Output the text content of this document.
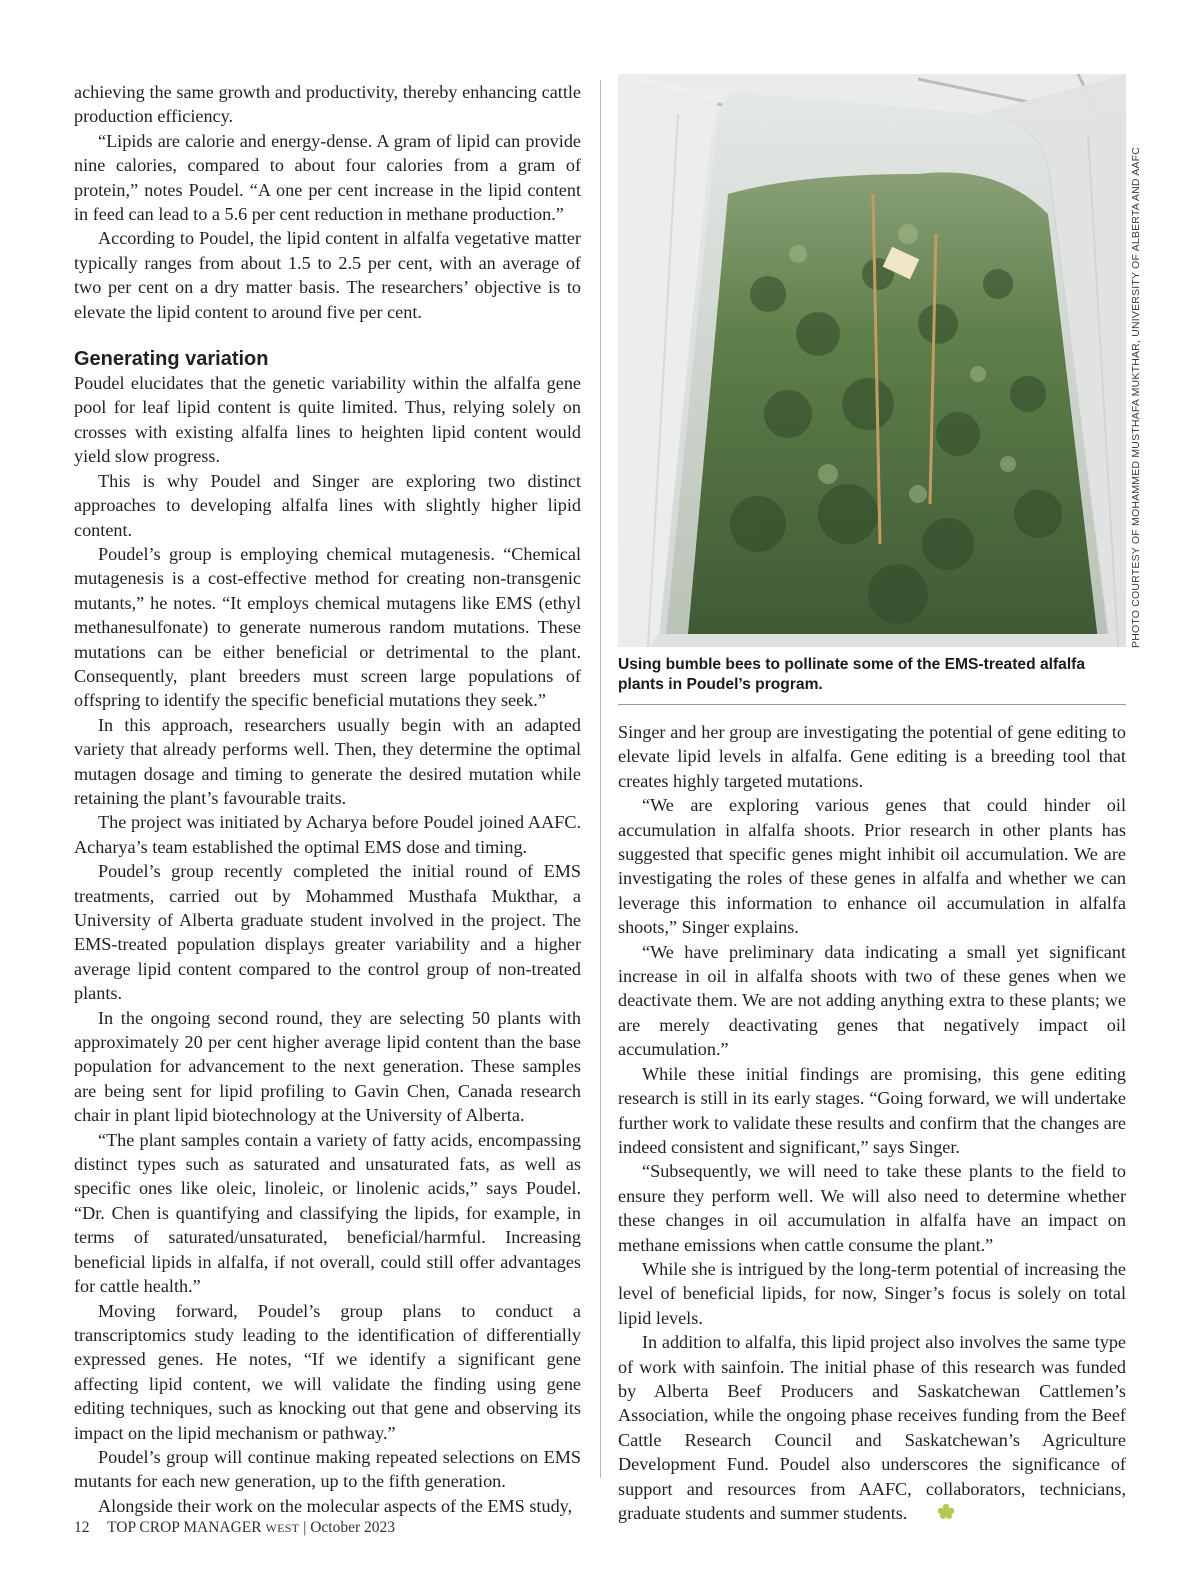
achieving the same growth and productivity, thereby enhancing cattle production efficiency.

“Lipids are calorie and energy-dense. A gram of lipid can provide nine calories, compared to about four calories from a gram of protein,” notes Poudel. “A one per cent increase in the lipid content in feed can lead to a 5.6 per cent reduction in methane production.”

According to Poudel, the lipid content in alfalfa vegetative matter typically ranges from about 1.5 to 2.5 per cent, with an average of two per cent on a dry matter basis. The researchers’ objective is to elevate the lipid content to around five per cent.

Generating variation

Poudel elucidates that the genetic variability within the alfalfa gene pool for leaf lipid content is quite limited. Thus, relying solely on crosses with existing alfalfa lines to heighten lipid content would yield slow progress.

This is why Poudel and Singer are exploring two distinct approaches to developing alfalfa lines with slightly higher lipid content.

Poudel’s group is employing chemical mutagenesis. “Chemical mutagenesis is a cost-effective method for creating non-transgenic mutants,” he notes. “It employs chemical mutagens like EMS (ethyl methanesulfonate) to generate numerous random mutations. These mutations can be either beneficial or detrimental to the plant. Consequently, plant breeders must screen large populations of offspring to identify the specific beneficial mutations they seek.”

In this approach, researchers usually begin with an adapted variety that already performs well. Then, they determine the optimal mutagen dosage and timing to generate the desired mutation while retaining the plant’s favourable traits.

The project was initiated by Acharya before Poudel joined AAFC. Acharya’s team established the optimal EMS dose and timing.

Poudel’s group recently completed the initial round of EMS treatments, carried out by Mohammed Musthafa Mukthar, a University of Alberta graduate student involved in the project. The EMS-treated population displays greater variability and a higher average lipid content compared to the control group of non-treated plants.

In the ongoing second round, they are selecting 50 plants with approximately 20 per cent higher average lipid content than the base population for advancement to the next generation. These samples are being sent for lipid profiling to Gavin Chen, Canada research chair in plant lipid biotechnology at the University of Alberta.

“The plant samples contain a variety of fatty acids, encompassing distinct types such as saturated and unsaturated fats, as well as specific ones like oleic, linoleic, or linolenic acids,” says Poudel. “Dr. Chen is quantifying and classifying the lipids, for example, in terms of saturated/unsaturated, beneficial/harmful. Increasing beneficial lipids in alfalfa, if not overall, could still offer advantages for cattle health.”

Moving forward, Poudel’s group plans to conduct a transcriptomics study leading to the identification of differentially expressed genes. He notes, “If we identify a significant gene affecting lipid content, we will validate the finding using gene editing techniques, such as knocking out that gene and observing its impact on the lipid mechanism or pathway.”

Poudel’s group will continue making repeated selections on EMS mutants for each new generation, up to the fifth generation.

Alongside their work on the molecular aspects of the EMS study,

PHOTO COURTESY OF MOHAMMED MUSTHAFA MUKTHAR, UNIVERSITY OF ALBERTA AND AAFC
Using bumble bees to pollinate some of the EMS-treated alfalfa plants in Poudel’s program.

Singer and her group are investigating the potential of gene editing to elevate lipid levels in alfalfa. Gene editing is a breeding tool that creates highly targeted mutations.

“We are exploring various genes that could hinder oil accumulation in alfalfa shoots. Prior research in other plants has suggested that specific genes might inhibit oil accumulation. We are investigating the roles of these genes in alfalfa and whether we can leverage this information to enhance oil accumulation in alfalfa shoots,” Singer explains.

“We have preliminary data indicating a small yet significant increase in oil in alfalfa shoots with two of these genes when we deactivate them. We are not adding anything extra to these plants; we are merely deactivating genes that negatively impact oil accumulation.”

While these initial findings are promising, this gene editing research is still in its early stages. “Going forward, we will undertake further work to validate these results and confirm that the changes are indeed consistent and significant,” says Singer.

“Subsequently, we will need to take these plants to the field to ensure they perform well. We will also need to determine whether these changes in oil accumulation in alfalfa have an impact on methane emissions when cattle consume the plant.”

While she is intrigued by the long-term potential of increasing the level of beneficial lipids, for now, Singer’s focus is solely on total lipid levels.

In addition to alfalfa, this lipid project also involves the same type of work with sainfoin. The initial phase of this research was funded by Alberta Beef Producers and Saskatchewan Cattlemen’s Association, while the ongoing phase receives funding from the Beef Cattle Research Council and Saskatchewan’s Agriculture Development Fund. Poudel also underscores the significance of support and resources from AAFC, collaborators, technicians, graduate students and summer students.

12 TOP CROP MANAGER WEST | October 2023
